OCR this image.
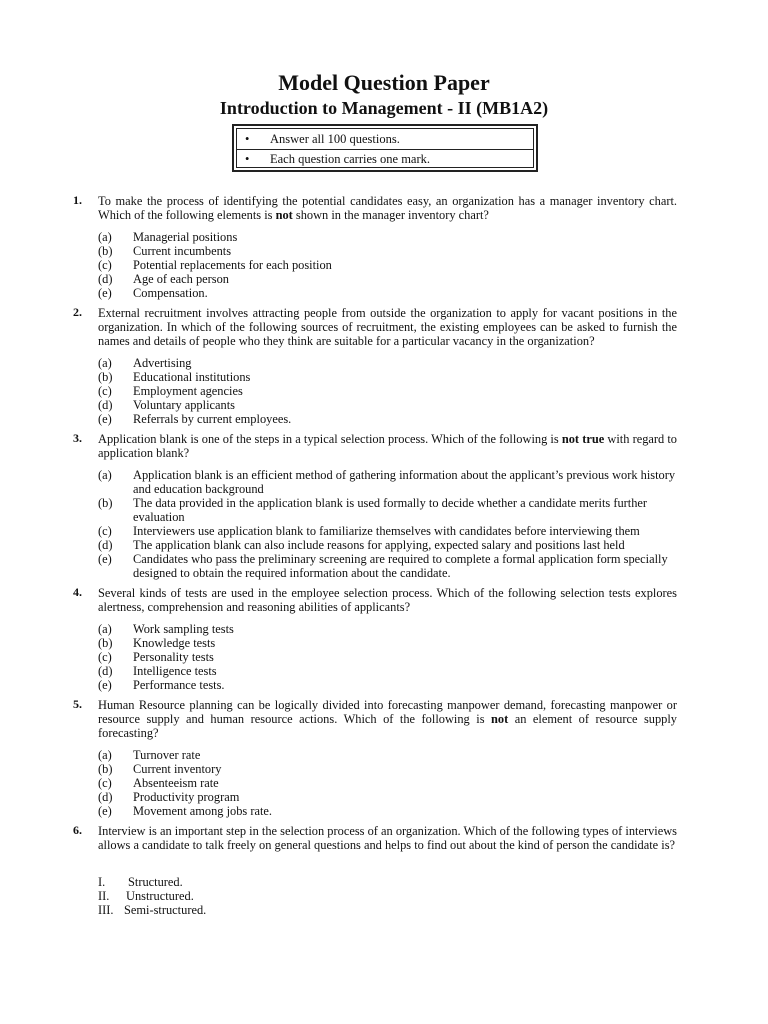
Model Question Paper
Introduction to Management - II (MB1A2)
• Answer all 100 questions.
• Each question carries one mark.
1. To make the process of identifying the potential candidates easy, an organization has a manager inventory chart. Which of the following elements is not shown in the manager inventory chart?
(a) Managerial positions
(b) Current incumbents
(c) Potential replacements for each position
(d) Age of each person
(e) Compensation.
2. External recruitment involves attracting people from outside the organization to apply for vacant positions in the organization. In which of the following sources of recruitment, the existing employees can be asked to furnish the names and details of people who they think are suitable for a particular vacancy in the organization?
(a) Advertising
(b) Educational institutions
(c) Employment agencies
(d) Voluntary applicants
(e) Referrals by current employees.
3. Application blank is one of the steps in a typical selection process. Which of the following is not true with regard to application blank?
(a) Application blank is an efficient method of gathering information about the applicant’s previous work history and education background
(b) The data provided in the application blank is used formally to decide whether a candidate merits further evaluation
(c) Interviewers use application blank to familiarize themselves with candidates before interviewing them
(d) The application blank can also include reasons for applying, expected salary and positions last held
(e) Candidates who pass the preliminary screening are required to complete a formal application form specially designed to obtain the required information about the candidate.
4. Several kinds of tests are used in the employee selection process. Which of the following selection tests explores alertness, comprehension and reasoning abilities of applicants?
(a) Work sampling tests
(b) Knowledge tests
(c) Personality tests
(d) Intelligence tests
(e) Performance tests.
5. Human Resource planning can be logically divided into forecasting manpower demand, forecasting manpower or resource supply and human resource actions. Which of the following is not an element of resource supply forecasting?
(a) Turnover rate
(b) Current inventory
(c) Absenteeism rate
(d) Productivity program
(e) Movement among jobs rate.
6. Interview is an important step in the selection process of an organization. Which of the following types of interviews allows a candidate to talk freely on general questions and helps to find out about the kind of person the candidate is?
I. Structured.
II. Unstructured.
III. Semi-structured.
